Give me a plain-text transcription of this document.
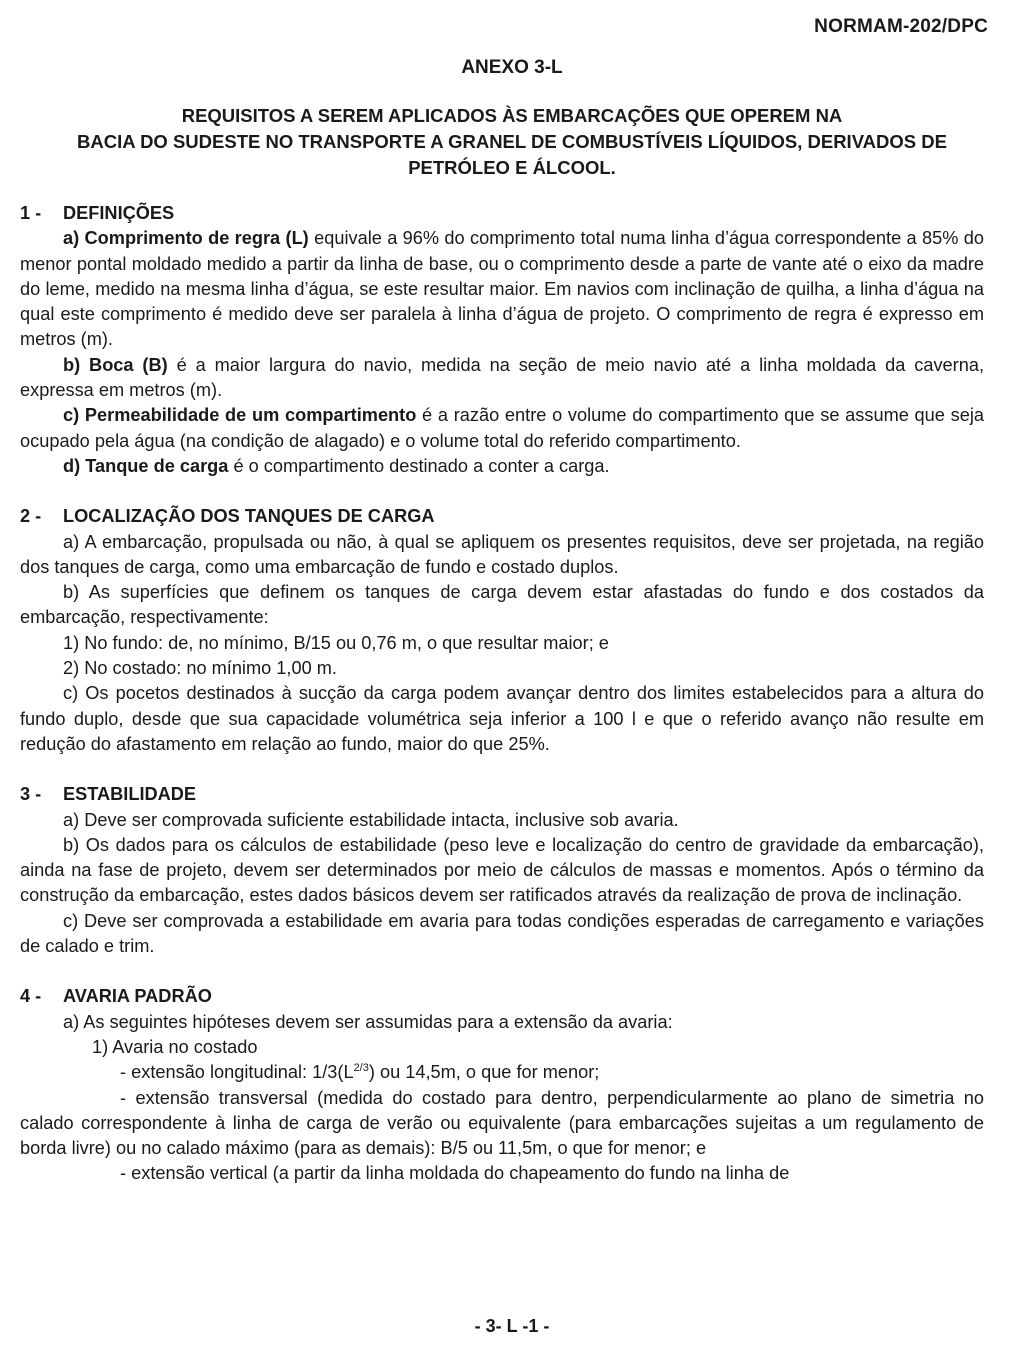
NORMAM-202/DPC
ANEXO 3-L
REQUISITOS A SEREM APLICADOS ÀS EMBARCAÇÕES QUE OPEREM NA
BACIA DO SUDESTE NO TRANSPORTE A GRANEL DE COMBUSTÍVEIS LÍQUIDOS, DERIVADOS DE
PETRÓLEO E ÁLCOOL.
1 - DEFINIÇÕES

a) Comprimento de regra (L) equivale a 96% do comprimento total numa linha d’água correspondente a 85% do menor pontal moldado medido a partir da linha de base, ou o comprimento desde a parte de vante até o eixo da madre do leme, medido na mesma linha d’água, se este resultar maior. Em navios com inclinação de quilha, a linha d’água na qual este comprimento é medido deve ser paralela à linha d’água de projeto. O comprimento de regra é expresso em metros (m).

b) Boca (B) é a maior largura do navio, medida na seção de meio navio até a linha moldada da caverna, expressa em metros (m).

c) Permeabilidade de um compartimento é a razão entre o volume do compartimento que se assume que seja ocupado pela água (na condição de alagado) e o volume total do referido compartimento.

d) Tanque de carga é o compartimento destinado a conter a carga.

2 - LOCALIZAÇÃO DOS TANQUES DE CARGA

a) A embarcação, propulsada ou não, à qual se apliquem os presentes requisitos, deve ser projetada, na região dos tanques de carga, como uma embarcação de fundo e costado duplos.

b) As superfícies que definem os tanques de carga devem estar afastadas do fundo e dos costados da embarcação, respectivamente:

1) No fundo: de, no mínimo, B/15 ou 0,76 m, o que resultar maior; e

2) No costado: no mínimo 1,00 m.

c) Os pocetos destinados à sucção da carga podem avançar dentro dos limites estabelecidos para a altura do fundo duplo, desde que sua capacidade volumétrica seja inferior a 100 l e que o referido avanço não resulte em redução do afastamento em relação ao fundo, maior do que 25%.

3 - ESTABILIDADE

a) Deve ser comprovada suficiente estabilidade intacta, inclusive sob avaria.

b) Os dados para os cálculos de estabilidade (peso leve e localização do centro de gravidade da embarcação), ainda na fase de projeto, devem ser determinados por meio de cálculos de massas e momentos. Após o término da construção da embarcação, estes dados básicos devem ser ratificados através da realização de prova de inclinação.

c) Deve ser comprovada a estabilidade em avaria para todas condições esperadas de carregamento e variações de calado e trim.

4 - AVARIA PADRÃO

a) As seguintes hipóteses devem ser assumidas para a extensão da avaria:

1) Avaria no costado

- extensão longitudinal: $1/3(L^{2/3})$ ou 14,5m, o que for menor;

- extensão transversal (medida do costado para dentro, perpendicularmente ao plano de simetria no calado correspondente à linha de carga de verão ou equivalente (para embarcações sujeitas a um regulamento de borda livre) ou no calado máximo (para as demais): B/5 ou 11,5m, o que for menor; e

- extensão vertical (a partir da linha moldada do chapeamento do fundo na linha de

- 3- L -1 -
